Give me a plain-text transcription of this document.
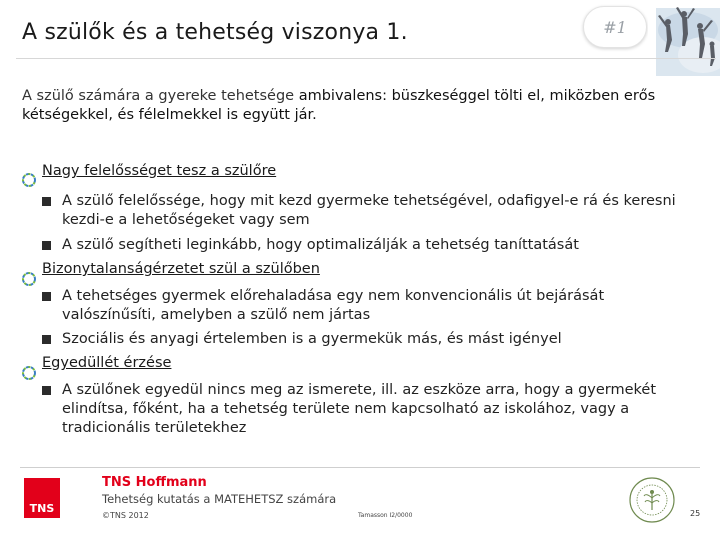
A szülők és a tehetség viszonya 1.	#1
A szülő számára a gyereke tehetsége ambivalens: büszkeséggel tölti el, miközben erős kétségekkel, és félelmekkel is együtt jár.
Nagy felelősséget tesz a szülőre
A szülő felelőssége, hogy mit kezd gyermeke tehetségével, odafigyel-e rá és keresni kezdi-e a lehetőségeket vagy sem
A szülő segítheti leginkább, hogy optimalizálják a tehetség taníttatását
Bizonytalanságérzetet szül a szülőben
A tehetséges gyermek előrehaladása egy nem konvencionális út bejárását valószínűsíti, amelyben a szülő nem jártas
Szociális és anyagi értelemben is a gyermekük más, és mást igényel
Egyedüllét érzése
A szülőnek egyedül nincs meg az ismerete, ill. az eszköze arra, hogy a gyermekét elindítsa, főként, ha a tehetség területe nem kapcsolható az iskolához, vagy a tradicionális területekhez
TNS
TNS Hoffmann
Tehetség kutatás a MATEHETSZ számára
©TNS 2012	Tamasson I2/0000	25
